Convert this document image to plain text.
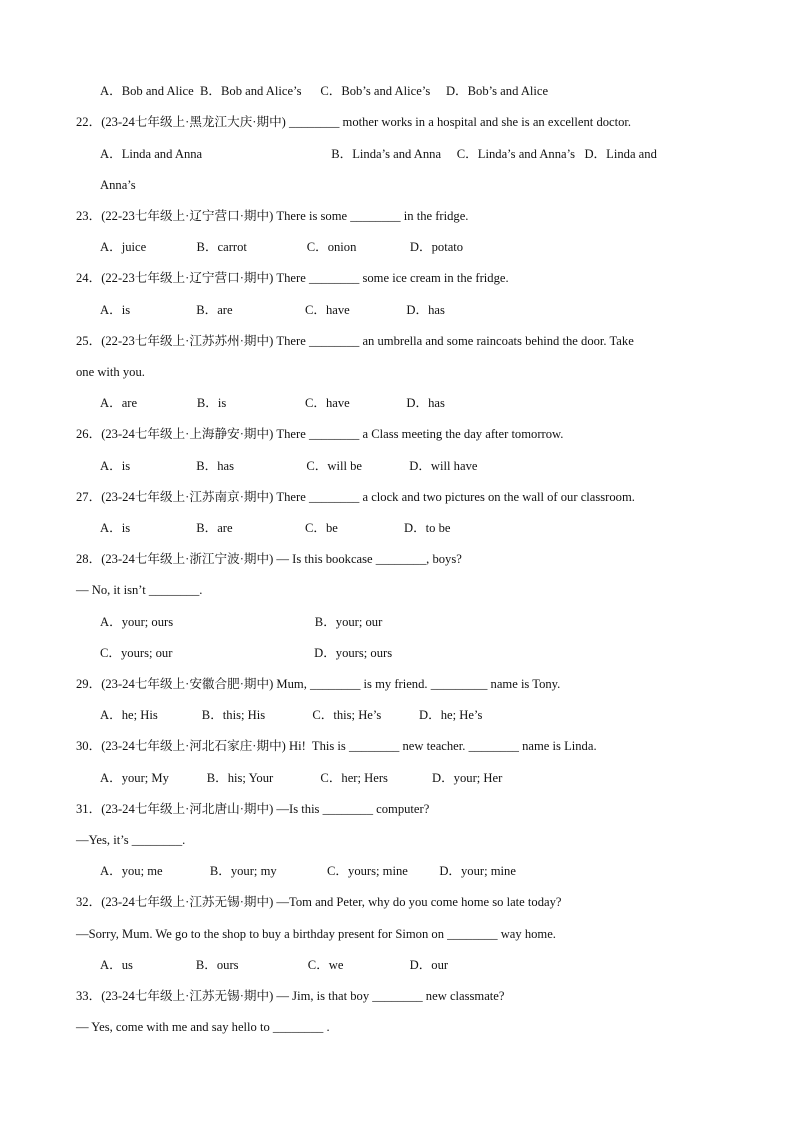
A．Bob and Alice  B．Bob and Alice’s      C．Bob’s and Alice’s     D．Bob’s and Alice
22．(23-24七年级上·黑龙江大庆·期中) ________ mother works in a hospital and she is an excellent doctor.
A．Linda and Anna                                         B．Linda’s and Anna     C．Linda’s and Anna’s   D．Linda and
Anna’s
23．(22-23七年级上·辽宁营口·期中) There is some ________ in the fridge.
A．juice                B．carrot                   C．onion                 D．potato
24．(22-23七年级上·辽宁营口·期中) There ________ some ice cream in the fridge.
A．is                     B．are                       C．have                  D．has
25．(22-23七年级上·江苏苏州·期中) There ________ an umbrella and some raincoats behind the door. Take
one with you.
A．are                   B．is                         C．have                  D．has
26．(23-24七年级上·上海静安·期中) There ________ a Class meeting the day after tomorrow.
A．is                     B．has                       C．will be               D．will have
27．(23-24七年级上·江苏南京·期中) There ________ a clock and two pictures on the wall of our classroom.
A．is                     B．are                       C．be                     D．to be
28．(23-24七年级上·浙江宁波·期中) — Is this bookcase ________, boys?
— No, it isn’t ________.
A．your; ours                                             B．your; our
C．yours; our                                             D．yours; ours
29．(23-24七年级上·安徽合肥·期中) Mum, ________ is my friend. _________ name is Tony.
A．he; His              B．this; His               C．this; He’s            D．he; He’s
30．(23-24七年级上·河北石家庄·期中) Hi!  This is ________ new teacher. ________ name is Linda.
A．your; My            B．his; Your               C．her; Hers              D．your; Her
31．(23-24七年级上·河北唐山·期中) —Is this ________ computer?
—Yes, it’s ________.
A．you; me               B．your; my                C．yours; mine          D．your; mine
32．(23-24七年级上·江苏无锡·期中) —Tom and Peter, why do you come home so late today?
—Sorry, Mum. We go to the shop to buy a birthday present for Simon on ________ way home.
A．us                    B．ours                      C．we                     D．our
33．(23-24七年级上·江苏无锡·期中) — Jim, is that boy ________ new classmate?
— Yes, come with me and say hello to ________ .
